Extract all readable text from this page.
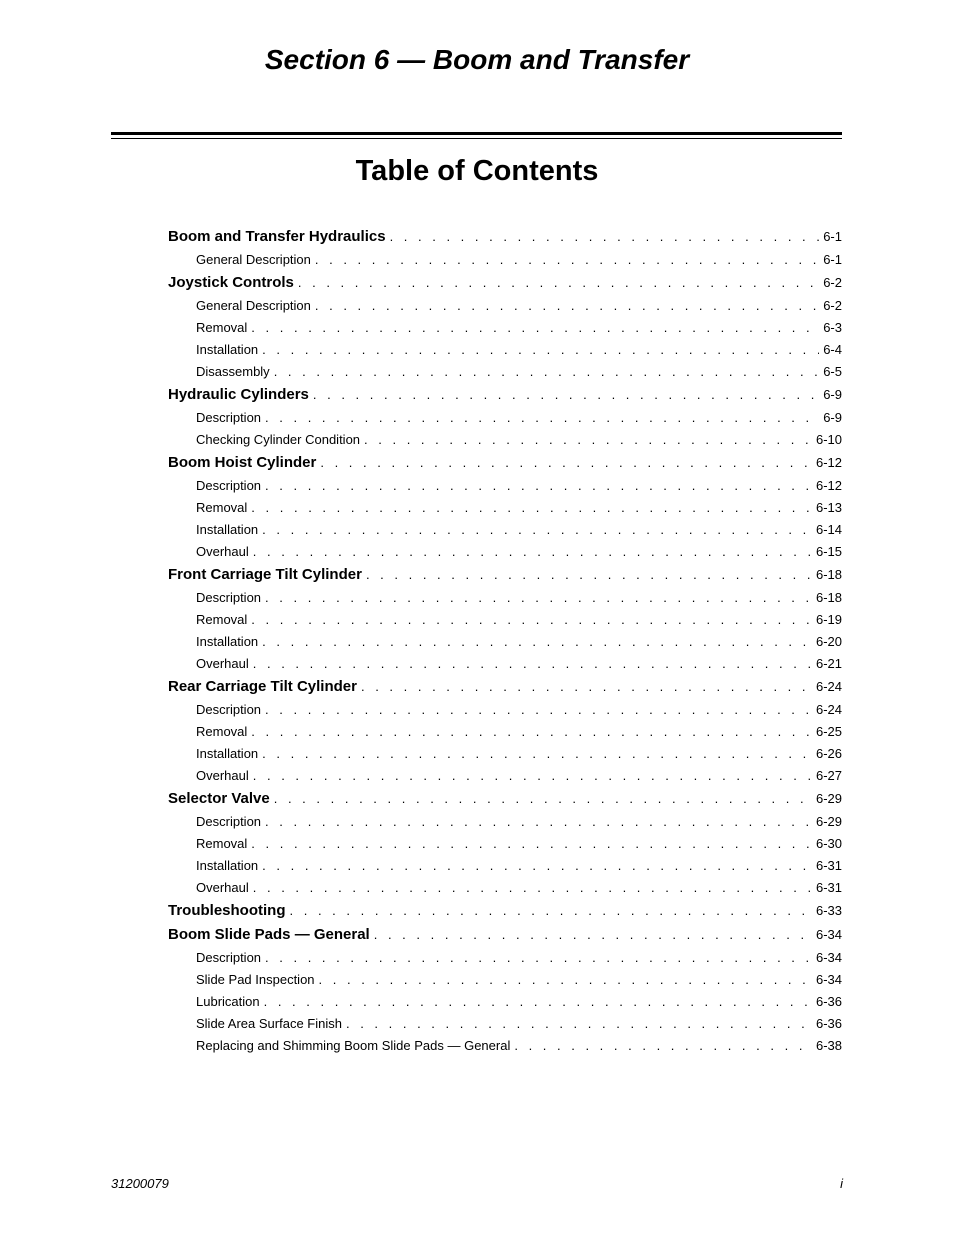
Section 6 — Boom and Transfer
Table of Contents
Boom and Transfer Hydraulics . . .	6-1
General Description . . .	6-1
Joystick Controls . . .	6-2
General Description . . .	6-2
Removal . . .	6-3
Installation . . .	6-4
Disassembly . . .	6-5
Hydraulic Cylinders . . .	6-9
Description . . .	6-9
Checking Cylinder Condition . . .	6-10
Boom Hoist Cylinder . . .	6-12
Description . . .	6-12
Removal . . .	6-13
Installation . . .	6-14
Overhaul . . .	6-15
Front Carriage Tilt Cylinder . . .	6-18
Description . . .	6-18
Removal . . .	6-19
Installation . . .	6-20
Overhaul . . .	6-21
Rear Carriage Tilt Cylinder . . .	6-24
Description . . .	6-24
Removal . . .	6-25
Installation . . .	6-26
Overhaul . . .	6-27
Selector Valve . . .	6-29
Description . . .	6-29
Removal . . .	6-30
Installation . . .	6-31
Overhaul . . .	6-31
Troubleshooting . . .	6-33
Boom Slide Pads — General . . .	6-34
Description . . .	6-34
Slide Pad Inspection . . .	6-34
Lubrication . . .	6-36
Slide Area Surface Finish . . .	6-36
Replacing and Shimming Boom Slide Pads — General . . .	6-38
31200079	i
